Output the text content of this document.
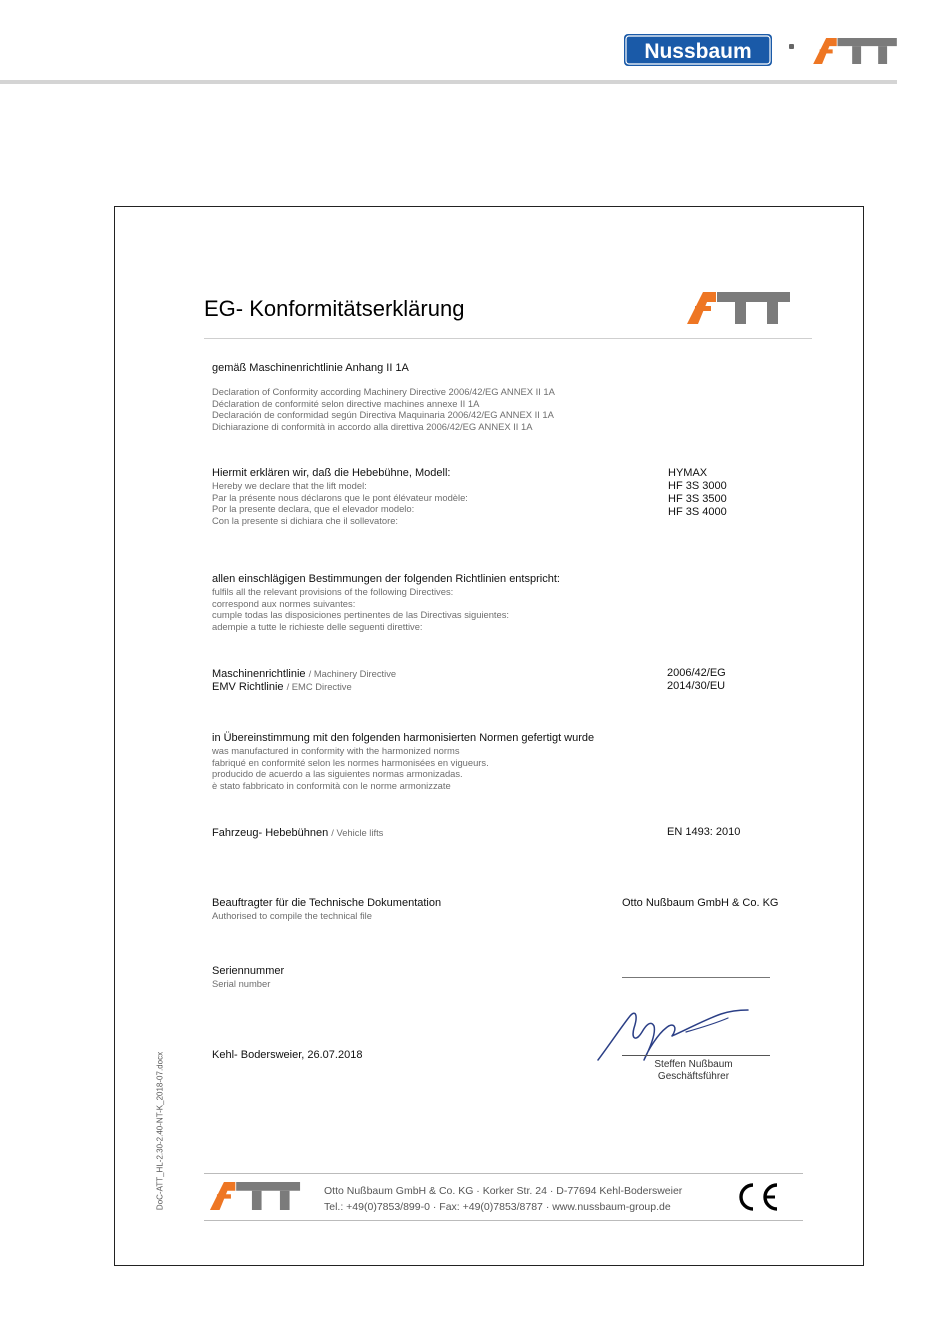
Nussbaum
EG- Konformitätserklärung
gemäß Maschinenrichtlinie Anhang II 1A
Declaration of Conformity according Machinery Directive 2006/42/EG ANNEX II 1A
Déclaration de conformité selon directive machines annexe II 1A
Declaración de conformidad según Directiva Maquinaria 2006/42/EG ANNEX II 1A
Dichiarazione di conformità in accordo alla direttiva 2006/42/EG ANNEX II 1A
Hiermit erklären wir, daß die Hebebühne, Modell:
Hereby we declare that the lift model:
Par la présente nous déclarons que le pont élévateur modèle:
Por la presente declara, que el elevador modelo:
Con la presente si dichiara che il sollevatore:
HYMAX
HF 3S 3000
HF 3S 3500
HF 3S 4000
allen einschlägigen Bestimmungen der folgenden Richtlinien entspricht:
fulfils all the relevant provisions of the following Directives:
correspond aux normes suivantes:
cumple todas las disposiciones pertinentes de las Directivas siguientes:
adempie a tutte le richieste delle seguenti direttive:
Maschinenrichtlinie / Machinery Directive	2006/42/EG
EMV Richtlinie / EMC Directive	2014/30/EU
in Übereinstimmung mit den folgenden harmonisierten Normen gefertigt wurde
was manufactured in conformity with the harmonized norms
fabriqué en conformité selon les normes harmonisées en vigueurs.
producido de acuerdo a las siguientes normas armonizadas.
è stato fabbricato in conformità con le norme armonizzate
Fahrzeug- Hebebühnen / Vehicle lifts	EN 1493: 2010
Beauftragter für die Technische Dokumentation
Authorised to compile the technical file
Otto Nußbaum GmbH & Co. KG
Seriennummer
Serial number
Kehl- Bodersweier, 26.07.2018
Steffen Nußbaum
Geschäftsführer
DoC-ATT_HL-2.30-2.40-NT-K_2018-07.docx	Otto Nußbaum GmbH & Co. KG · Korker Str. 24 · D-77694 Kehl-Bodersweier
Tel.: +49(0)7853/899-0 · Fax: +49(0)7853/8787 · www.nussbaum-group.de
